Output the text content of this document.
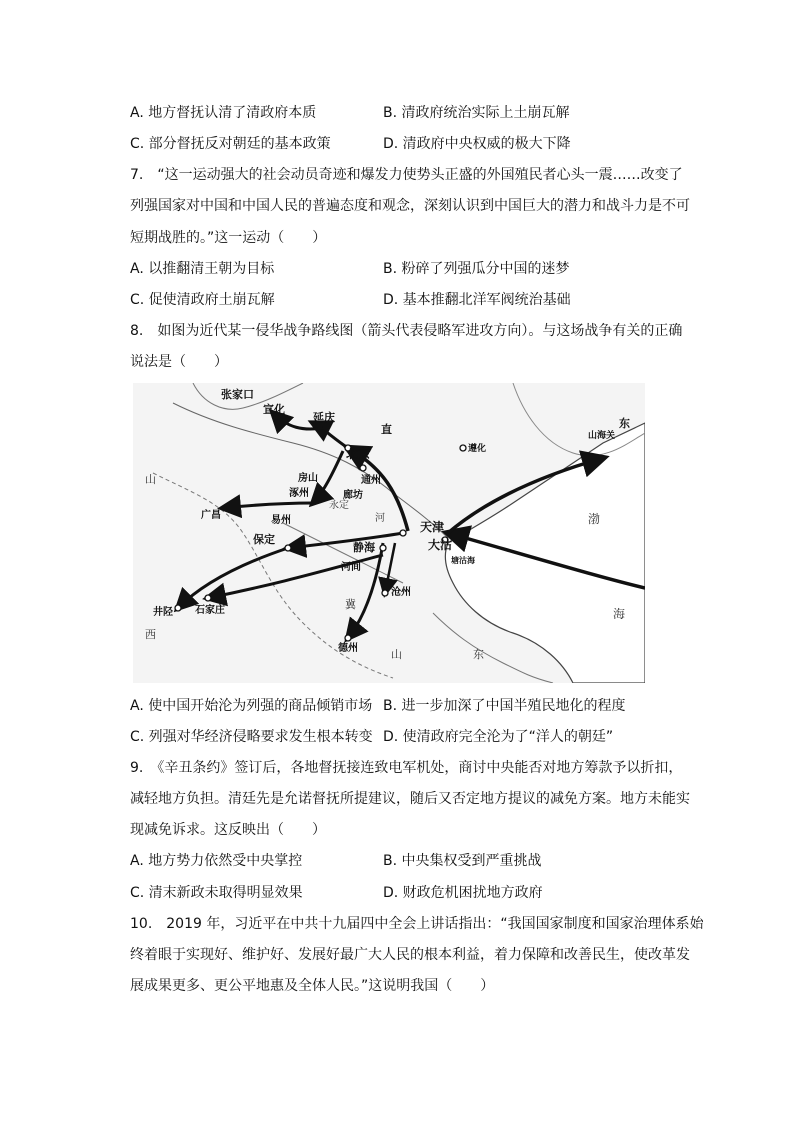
A. 地方督抚认清了清政府本质	B. 清政府统治实际上土崩瓦解
C. 部分督抚反对朝廷的基本政策	D. 清政府中央权威的极大下降
7.　“这一运动强大的社会动员奇迹和爆发力使势头正盛的外国殖民者心头一震……改变了
列强国家对中国和中国人民的普遍态度和观念，深刻认识到中国巨大的潜力和战斗力是不可
短期战胜的。”这一运动（　　）
A. 以推翻清王朝为目标	B. 粉碎了列强瓜分中国的迷梦
C. 促使清政府土崩瓦解	D. 基本推翻北洋军阀统治基础
8.　如图为近代某一侵华战争路线图（箭头代表侵略军进攻方向）。与这场战争有关的正确
说法是（　　）
张家口
宣化
延庆
直
北京	遵化
山海关
东
山	房山	通州
涿州	廊坊
易州
广昌
永定
河
天津
大沽
保定
静海
河间
井陉 石家庄
沧州
德州
渤
海
西
山	东
冀
塘沽海
A. 使中国开始沦为列强的商品倾销市场 B. 进一步加深了中国半殖民地化的程度
C. 列强对华经济侵略要求发生根本转变 D. 使清政府完全沦为了“洋人的朝廷”
9.　《辛丑条约》签订后，各地督抚接连致电军机处，商讨中央能否对地方筹款予以折扣，
减轻地方负担。清廷先是允诺督抚所提建议，随后又否定地方提议的减免方案。地方未能实
现减免诉求。这反映出（　　）
A. 地方势力依然受中央掌控	B. 中央集权受到严重挑战
C. 清末新政未取得明显效果	D. 财政危机困扰地方政府
10.　2019 年，习近平在中共十九届四中全会上讲话指出：“我国国家制度和国家治理体系始
终着眼于实现好、维护好、发展好最广大人民的根本利益，着力保障和改善民生，使改革发
展成果更多、更公平地惠及全体人民。”这说明我国（　　）
